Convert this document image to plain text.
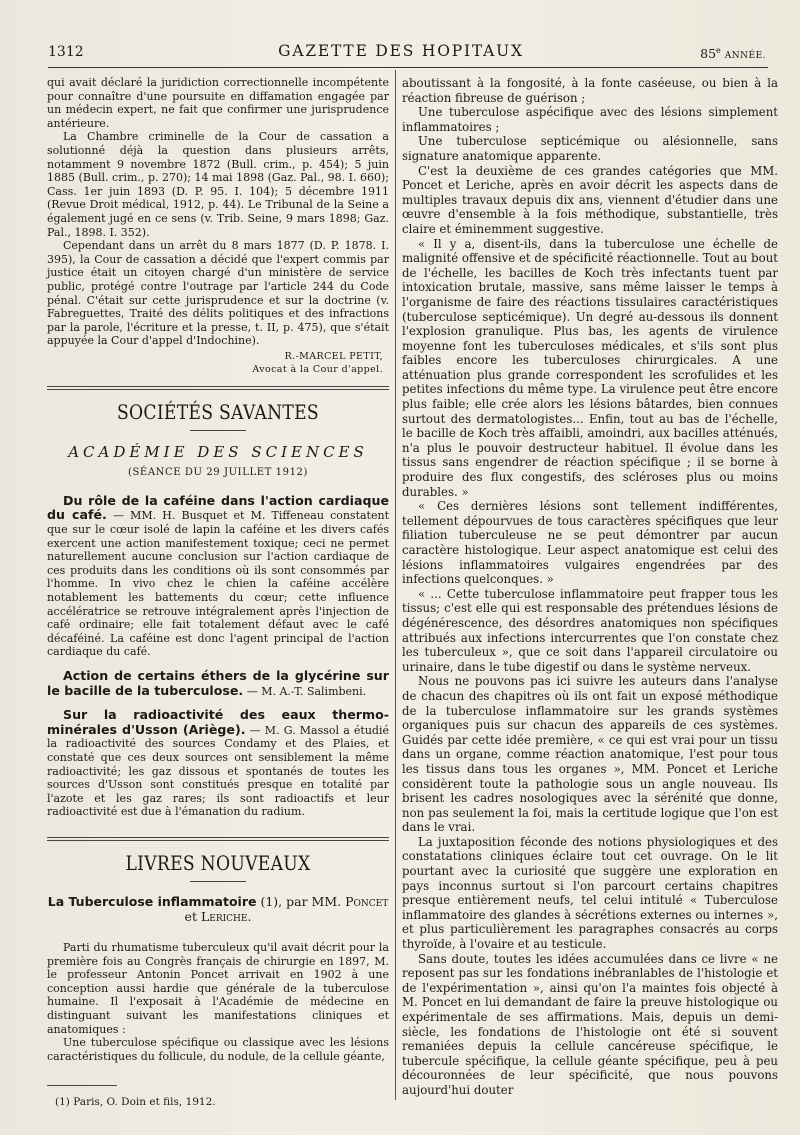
1312	GAZETTE DES HOPITAUX	85e ANNÉE.

qui avait déclaré la juridiction correctionnelle incompétente pour connaître d'une poursuite en diffamation engagée par un médecin expert, ne fait que confirmer une jurisprudence antérieure.

La Chambre criminelle de la Cour de cassation a solutionné déjà la question dans plusieurs arrêts, notamment 9 novembre 1872 (Bull. crim., p. 454); 5 juin 1885 (Bull. crim., p. 270); 14 mai 1898 (Gaz. Pal., 98. I. 660); Cass. 1er juin 1893 (D. P. 95. I. 104); 5 décembre 1911 (Revue Droit médical, 1912, p. 44). Le Tribunal de la Seine a également jugé en ce sens (v. Trib. Seine, 9 mars 1898; Gaz. Pal., 1898. I. 352).

Cependant dans un arrêt du 8 mars 1877 (D. P. 1878. I. 395), la Cour de cassation a décidé que l'expert commis par justice était un citoyen chargé d'un ministère de service public, protégé contre l'outrage par l'article 244 du Code pénal. C'était sur cette jurisprudence et sur la doctrine (v. Fabreguettes, Traité des délits politiques et des infractions par la parole, l'écriture et la presse, t. II, p. 475), que s'était appuyée la Cour d'appel d'Indochine).

R.-MARCEL PETIT,
Avocat à la Cour d'appel.
SOCIÉTÉS SAVANTES
ACADÉMIE DES SCIENCES
(SÉANCE DU 29 JUILLET 1912)

Du rôle de la caféine dans l'action cardiaque du café. — MM. H. Busquet et M. Tiffeneau constatent que sur le cœur isolé de lapin la caféine et les divers cafés exercent une action manifestement toxique; ceci ne permet naturellement aucune conclusion sur l'action cardiaque de ces produits dans les conditions où ils sont consommés par l'homme. In vivo chez le chien la caféine accélère notablement les battements du cœur; cette influence accélératrice se retrouve intégralement après l'injection de café ordinaire; elle fait totalement défaut avec le café décaféiné. La caféine est donc l'agent principal de l'action cardiaque du café.

Action de certains éthers de la glycérine sur le bacille de la tuberculose. — M. A.-T. Salimbeni.

Sur la radioactivité des eaux thermo-minérales d'Usson (Ariège). — M. G. Massol a étudié la radioactivité des sources Condamy et des Plaies, et constaté que ces deux sources ont sensiblement la même radioactivité; les gaz dissous et spontanés de toutes les sources d'Usson sont constitués presque en totalité par l'azote et les gaz rares; ils sont radioactifs et leur radioactivité est due à l'émanation du radium.

LIVRES NOUVEAUX
La Tuberculose inflammatoire (1), par MM. Poncet
et Leriche.

Parti du rhumatisme tuberculeux qu'il avait décrit pour la première fois au Congrès français de chirurgie en 1897, M. le professeur Antonin Poncet arrivait en 1902 à une conception aussi hardie que générale de la tuberculose humaine. Il l'exposait à l'Académie de médecine en distinguant suivant les manifestations cliniques et anatomiques :

Une tuberculose spécifique ou classique avec les lésions caractéristiques du follicule, du nodule, de la cellule géante,

(1) Paris, O. Doin et fils, 1912.

aboutissant à la fongosité, à la fonte caséeuse, ou bien à la réaction fibreuse de guérison ;

Une tuberculose aspécifique avec des lésions simplement inflammatoires ;

Une tuberculose septicémique ou alésionnelle, sans signature anatomique apparente.

C'est la deuxième de ces grandes catégories que MM. Poncet et Leriche, après en avoir décrit les aspects dans de multiples travaux depuis dix ans, viennent d'étudier dans une œuvre d'ensemble à la fois méthodique, substantielle, très claire et éminemment suggestive.

« Il y a, disent-ils, dans la tuberculose une échelle de malignité offensive et de spécificité réactionnelle. Tout au bout de l'échelle, les bacilles de Koch très infectants tuent par intoxication brutale, massive, sans même laisser le temps à l'organisme de faire des réactions tissulaires caractéristiques (tuberculose septicémique). Un degré au-dessous ils donnent l'explosion granulique. Plus bas, les agents de virulence moyenne font les tuberculoses médicales, et s'ils sont plus faibles encore les tuberculoses chirurgicales. A une atténuation plus grande correspondent les scrofulides et les petites infections du même type. La virulence peut être encore plus faible; elle crée alors les lésions bâtardes, bien connues surtout des dermatologistes... Enfin, tout au bas de l'échelle, le bacille de Koch très affaibli, amoindri, aux bacilles atténués, n'a plus le pouvoir destructeur habituel. Il évolue dans les tissus sans engendrer de réaction spécifique ; il se borne à produire des flux congestifs, des scléroses plus ou moins durables. »

« Ces dernières lésions sont tellement indifférentes, tellement dépourvues de tous caractères spécifiques que leur filiation tuberculeuse ne se peut démontrer par aucun caractère histologique. Leur aspect anatomique est celui des lésions inflammatoires vulgaires engendrées par des infections quelconques. »

« ... Cette tuberculose inflammatoire peut frapper tous les tissus; c'est elle qui est responsable des prétendues lésions de dégénérescence, des désordres anatomiques non spécifiques attribués aux infections intercurrentes que l'on constate chez les tuberculeux », que ce soit dans l'appareil circulatoire ou urinaire, dans le tube digestif ou dans le système nerveux.

Nous ne pouvons pas ici suivre les auteurs dans l'analyse de chacun des chapitres où ils ont fait un exposé méthodique de la tuberculose inflammatoire sur les grands systèmes organiques puis sur chacun des appareils de ces systèmes. Guidés par cette idée première, « ce qui est vrai pour un tissu dans un organe, comme réaction anatomique, l'est pour tous les tissus dans tous les organes », MM. Poncet et Leriche considèrent toute la pathologie sous un angle nouveau. Ils brisent les cadres nosologiques avec la sérénité que donne, non pas seulement la foi, mais la certitude logique que l'on est dans le vrai.

La juxtaposition féconde des notions physiologiques et des constatations cliniques éclaire tout cet ouvrage. On le lit pourtant avec la curiosité que suggère une exploration en pays inconnus surtout si l'on parcourt certains chapitres presque entièrement neufs, tel celui intitulé « Tuberculose inflammatoire des glandes à sécrétions externes ou internes », et plus particulièrement les paragraphes consacrés au corps thyroïde, à l'ovaire et au testicule.

Sans doute, toutes les idées accumulées dans ce livre « ne reposent pas sur les fondations inébranlables de l'histologie et de l'expérimentation », ainsi qu'on l'a maintes fois objecté à M. Poncet en lui demandant de faire la preuve histologique ou expérimentale de ses affirmations. Mais, depuis un demi-siècle, les fondations de l'histologie ont été si souvent remaniées depuis la cellule cancéreuse spécifique, le tubercule spécifique, la cellule géante spécifique, peu à peu découronnées de leur spécificité, que nous pouvons aujourd'hui douter
